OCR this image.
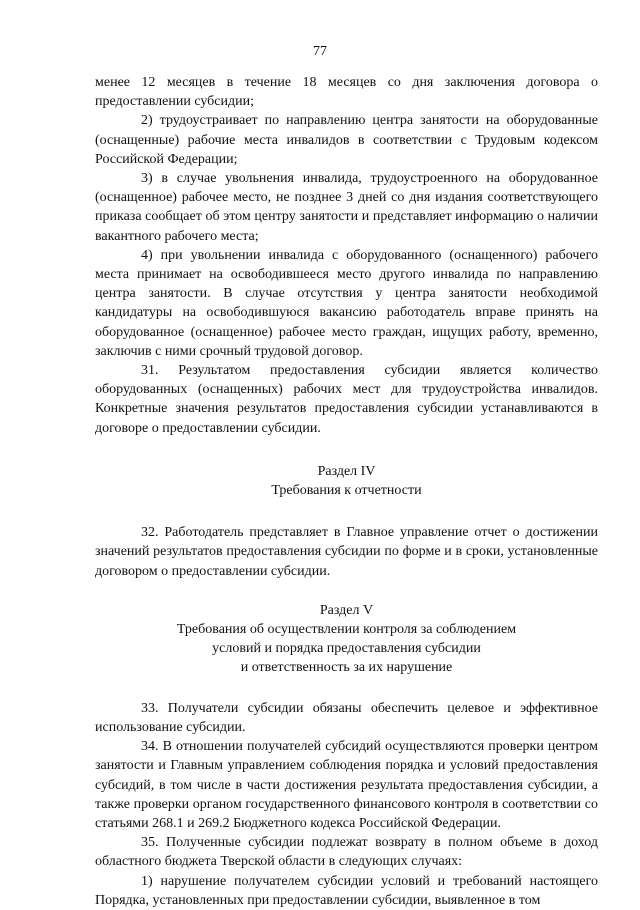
77

менее 12 месяцев в течение 18 месяцев со дня заключения договора о предоставлении субсидии;

2) трудоустраивает по направлению центра занятости на оборудованные (оснащенные) рабочие места инвалидов в соответствии с Трудовым кодексом Российской Федерации;

3) в случае увольнения инвалида, трудоустроенного на оборудованное (оснащенное) рабочее место, не позднее 3 дней со дня издания соответствующего приказа сообщает об этом центру занятости и представляет информацию о наличии вакантного рабочего места;

4) при увольнении инвалида с оборудованного (оснащенного) рабочего места принимает на освободившееся место другого инвалида по направлению центра занятости. В случае отсутствия у центра занятости необходимой кандидатуры на освободившуюся вакансию работодатель вправе принять на оборудованное (оснащенное) рабочее место граждан, ищущих работу, временно, заключив с ними срочный трудовой договор.

31. Результатом предоставления субсидии является количество оборудованных (оснащенных) рабочих мест для трудоустройства инвалидов. Конкретные значения результатов предоставления субсидии устанавливаются в договоре о предоставлении субсидии.

Раздел IV

Требования к отчетности

32. Работодатель представляет в Главное управление отчет о достижении значений результатов предоставления субсидии по форме и в сроки, установленные договором о предоставлении субсидии.

Раздел V

Требования об осуществлении контроля за соблюдением

условий и порядка предоставления субсидии

и ответственность за их нарушение

33. Получатели субсидии обязаны обеспечить целевое и эффективное использование субсидии.

34. В отношении получателей субсидий осуществляются проверки центром занятости и Главным управлением соблюдения порядка и условий предоставления субсидий, в том числе в части достижения результата предоставления субсидии, а также проверки органом государственного финансового контроля в соответствии со статьями 268.1 и 269.2 Бюджетного кодекса Российской Федерации.

35. Полученные субсидии подлежат возврату в полном объеме в доход областного бюджета Тверской области в следующих случаях:

1) нарушение получателем субсидии условий и требований настоящего Порядка, установленных при предоставлении субсидии, выявленное в том
